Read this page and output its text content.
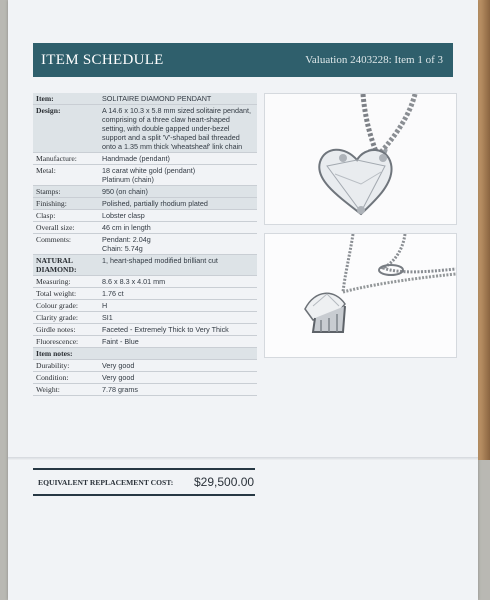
ITEM SCHEDULE	Valuation 2403228: Item 1 of 3
Item:	SOLITAIRE DIAMOND PENDANT
Design:	A 14.6 x 10.3 x 5.8 mm sized solitaire pendant, comprising of a three claw heart-shaped setting, with double gapped under-bezel support and a split 'V'-shaped bail threaded onto a 1.35 mm thick 'wheatsheaf' link chain
Manufacture:	Handmade (pendant)
Metal:	18 carat white gold (pendant)
Platinum (chain)
Stamps:	950 (on chain)
Finishing:	Polished, partially rhodium plated
Clasp:	Lobster clasp
Overall size:	46 cm in length
Comments:	Pendant: 2.04g
Chain: 5.74g
NATURAL DIAMOND:	1, heart-shaped modified brilliant cut
Measuring:	8.6 x 8.3 x 4.01 mm
Total weight:	1.76 ct
Colour grade:	H
Clarity grade:	SI1
Girdle notes:	Faceted - Extremely Thick to Very Thick
Fluorescence:	Faint - Blue
Item notes:	
Durability:	Very good
Condition:	Very good
Weight:	7.78 grams
EQUIVALENT REPLACEMENT COST: $29,500.00
